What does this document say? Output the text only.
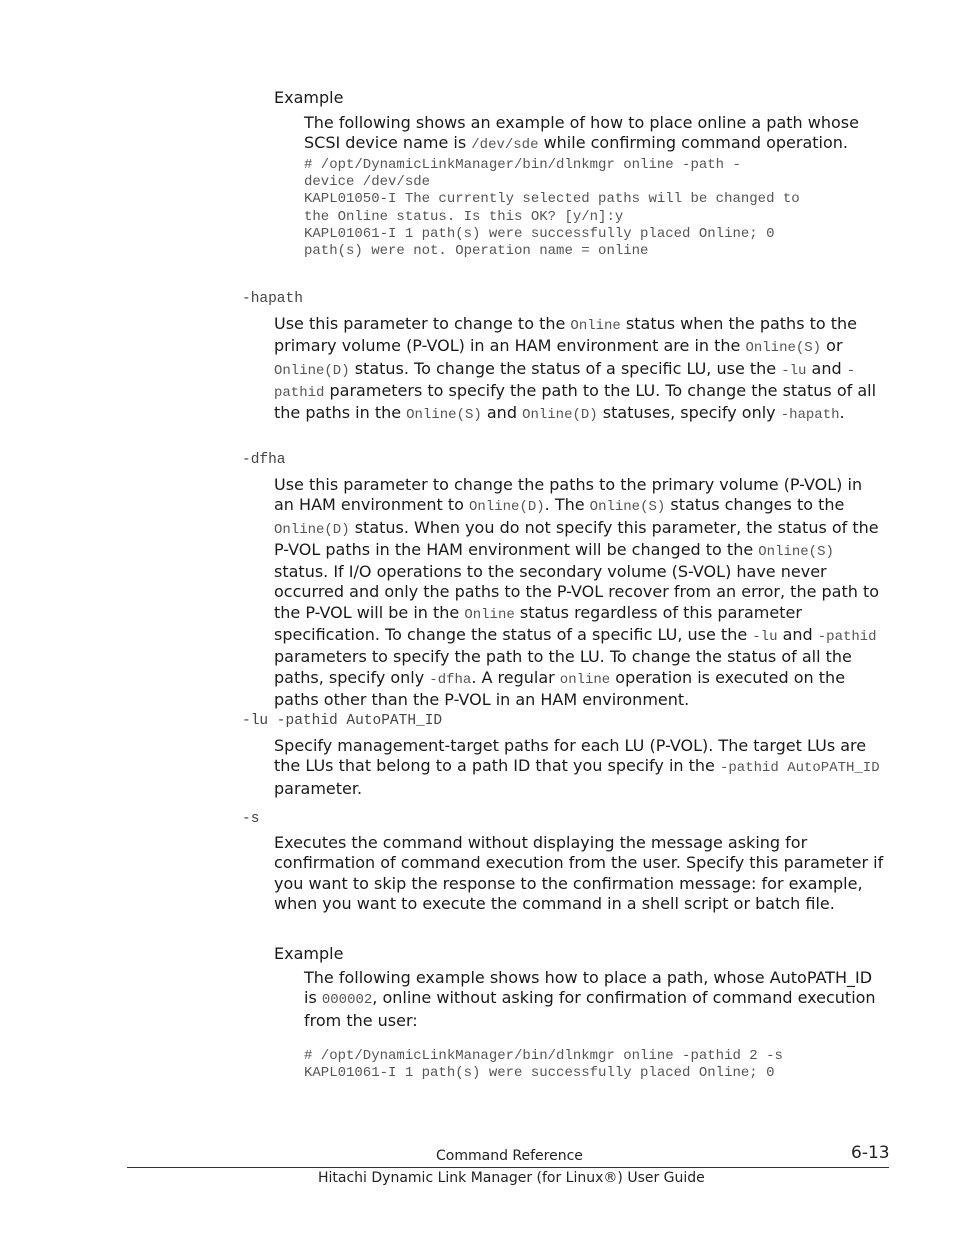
Example
The following shows an example of how to place online a path whose SCSI device name is /dev/sde while confirming command operation.
# /opt/DynamicLinkManager/bin/dlnkmgr online -path -
device /dev/sde
KAPL01050-I The currently selected paths will be changed to
the Online status. Is this OK? [y/n]:y
KAPL01061-I 1 path(s) were successfully placed Online; 0
path(s) were not. Operation name = online
-hapath
Use this parameter to change to the Online status when the paths to the primary volume (P-VOL) in an HAM environment are in the Online(S) or Online(D) status. To change the status of a specific LU, use the -lu and -pathid parameters to specify the path to the LU. To change the status of all the paths in the Online(S) and Online(D) statuses, specify only -hapath.
-dfha
Use this parameter to change the paths to the primary volume (P-VOL) in an HAM environment to Online(D). The Online(S) status changes to the Online(D) status. When you do not specify this parameter, the status of the P-VOL paths in the HAM environment will be changed to the Online(S) status. If I/O operations to the secondary volume (S-VOL) have never occurred and only the paths to the P-VOL recover from an error, the path to the P-VOL will be in the Online status regardless of this parameter specification. To change the status of a specific LU, use the -lu and -pathid parameters to specify the path to the LU. To change the status of all the paths, specify only -dfha. A regular online operation is executed on the paths other than the P-VOL in an HAM environment.
-lu -pathid AutoPATH_ID
Specify management-target paths for each LU (P-VOL). The target LUs are the LUs that belong to a path ID that you specify in the -pathid AutoPATH_ID parameter.
-s
Executes the command without displaying the message asking for confirmation of command execution from the user. Specify this parameter if you want to skip the response to the confirmation message: for example, when you want to execute the command in a shell script or batch file.
Example
The following example shows how to place a path, whose AutoPATH_ID is 000002, online without asking for confirmation of command execution from the user:
# /opt/DynamicLinkManager/bin/dlnkmgr online -pathid 2 -s
KAPL01061-I 1 path(s) were successfully placed Online; 0
Command Reference	6-13
Hitachi Dynamic Link Manager (for Linux®) User Guide
